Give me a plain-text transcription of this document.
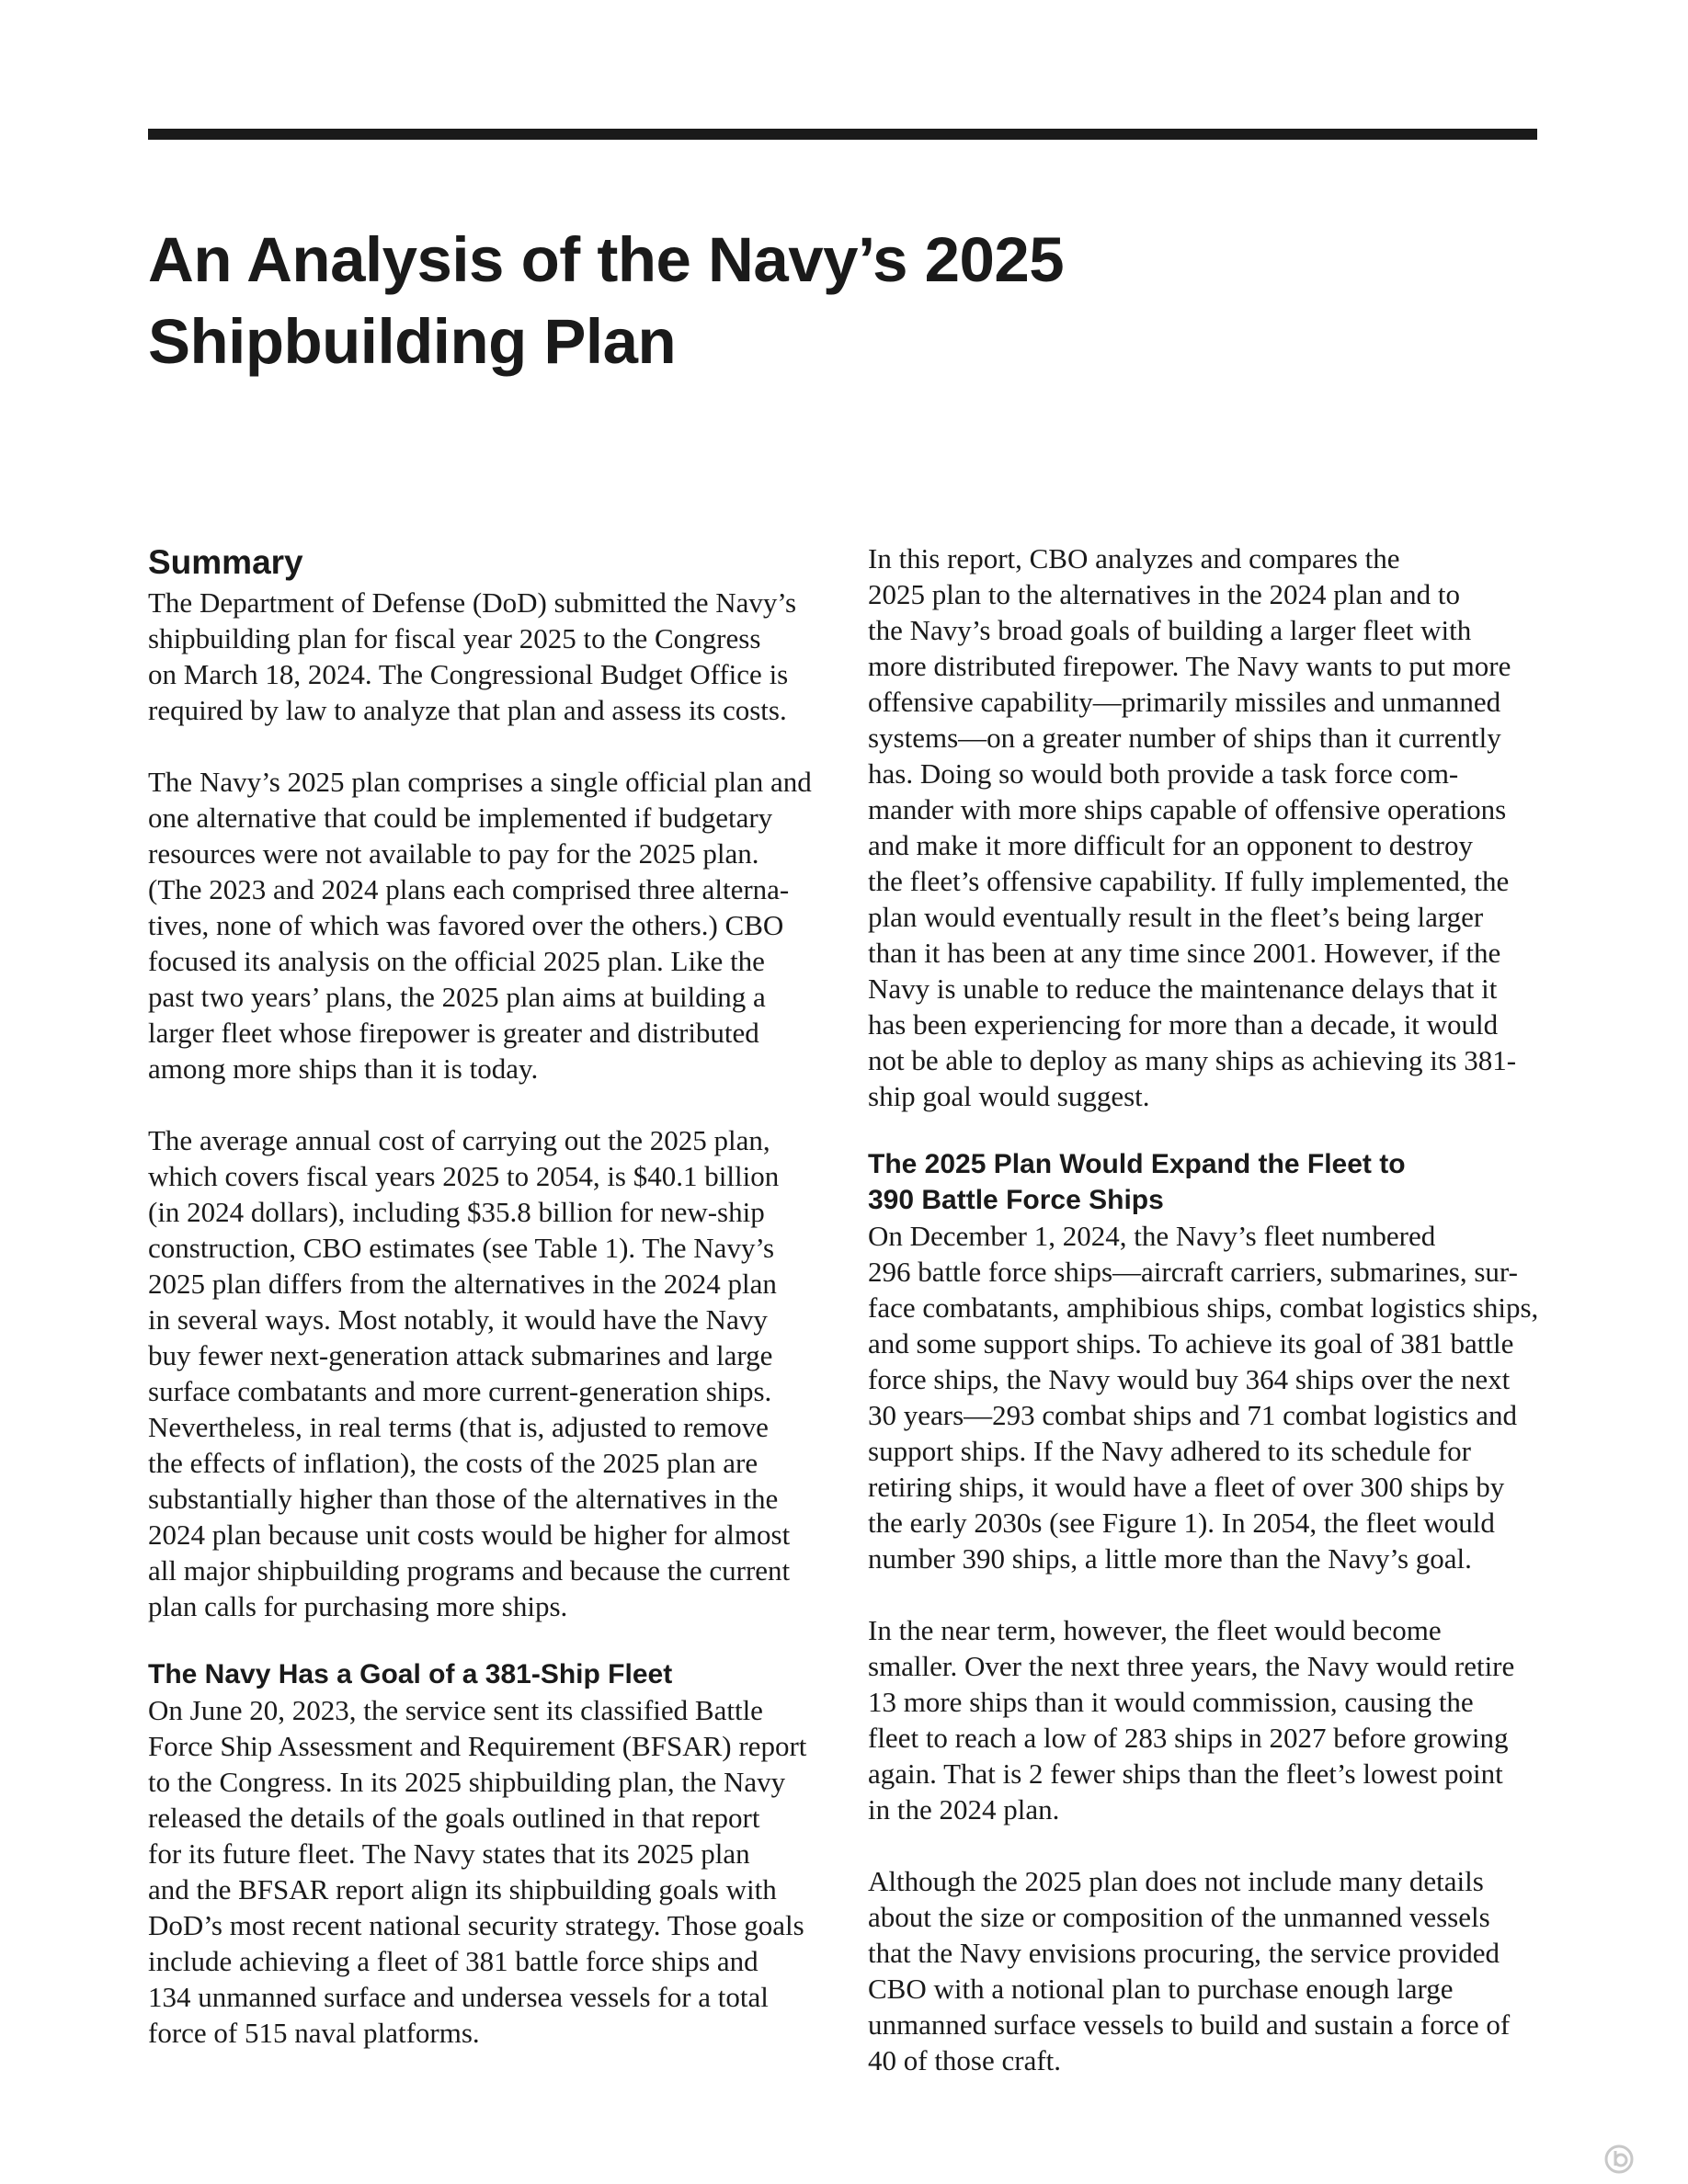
An Analysis of the Navy’s 2025
Shipbuilding Plan
Summary

The Department of Defense (DoD) submitted the Navy’s
shipbuilding plan for fiscal year 2025 to the Congress
on March 18, 2024. The Congressional Budget Office is
required by law to analyze that plan and assess its costs.

The Navy’s 2025 plan comprises a single official plan and
one alternative that could be implemented if budgetary
resources were not available to pay for the 2025 plan.
(The 2023 and 2024 plans each comprised three alterna-
tives, none of which was favored over the others.) CBO
focused its analysis on the official 2025 plan. Like the
past two years’ plans, the 2025 plan aims at building a
larger fleet whose firepower is greater and distributed
among more ships than it is today.

The average annual cost of carrying out the 2025 plan,
which covers fiscal years 2025 to 2054, is $40.1 billion
(in 2024 dollars), including $35.8 billion for new-ship
construction, CBO estimates (see Table 1). The Navy’s
2025 plan differs from the alternatives in the 2024 plan
in several ways. Most notably, it would have the Navy
buy fewer next-generation attack submarines and large
surface combatants and more current-generation ships.
Nevertheless, in real terms (that is, adjusted to remove
the effects of inflation), the costs of the 2025 plan are
substantially higher than those of the alternatives in the
2024 plan because unit costs would be higher for almost
all major shipbuilding programs and because the current
plan calls for purchasing more ships.

The Navy Has a Goal of a 381-Ship Fleet

On June 20, 2023, the service sent its classified Battle
Force Ship Assessment and Requirement (BFSAR) report
to the Congress. In its 2025 shipbuilding plan, the Navy
released the details of the goals outlined in that report
for its future fleet. The Navy states that its 2025 plan
and the BFSAR report align its shipbuilding goals with
DoD’s most recent national security strategy. Those goals
include achieving a fleet of 381 battle force ships and
134 unmanned surface and undersea vessels for a total
force of 515 naval platforms.

In this report, CBO analyzes and compares the
2025 plan to the alternatives in the 2024 plan and to
the Navy’s broad goals of building a larger fleet with
more distributed firepower. The Navy wants to put more
offensive capability—primarily missiles and unmanned
systems—on a greater number of ships than it currently
has. Doing so would both provide a task force com-
mander with more ships capable of offensive operations
and make it more difficult for an opponent to destroy
the fleet’s offensive capability. If fully implemented, the
plan would eventually result in the fleet’s being larger
than it has been at any time since 2001. However, if the
Navy is unable to reduce the maintenance delays that it
has been experiencing for more than a decade, it would
not be able to deploy as many ships as achieving its 381-
ship goal would suggest.

The 2025 Plan Would Expand the Fleet to
390 Battle Force Ships

On December 1, 2024, the Navy’s fleet numbered
296 battle force ships—aircraft carriers, submarines, sur-
face combatants, amphibious ships, combat logistics ships,
and some support ships. To achieve its goal of 381 battle
force ships, the Navy would buy 364 ships over the next
30 years—293 combat ships and 71 combat logistics and
support ships. If the Navy adhered to its schedule for
retiring ships, it would have a fleet of over 300 ships by
the early 2030s (see Figure 1). In 2054, the fleet would
number 390 ships, a little more than the Navy’s goal.

In the near term, however, the fleet would become
smaller. Over the next three years, the Navy would retire
13 more ships than it would commission, causing the
fleet to reach a low of 283 ships in 2027 before growing
again. That is 2 fewer ships than the fleet’s lowest point
in the 2024 plan.

Although the 2025 plan does not include many details
about the size or composition of the unmanned vessels
that the Navy envisions procuring, the service provided
CBO with a notional plan to purchase enough large
unmanned surface vessels to build and sustain a force of
40 of those craft.
